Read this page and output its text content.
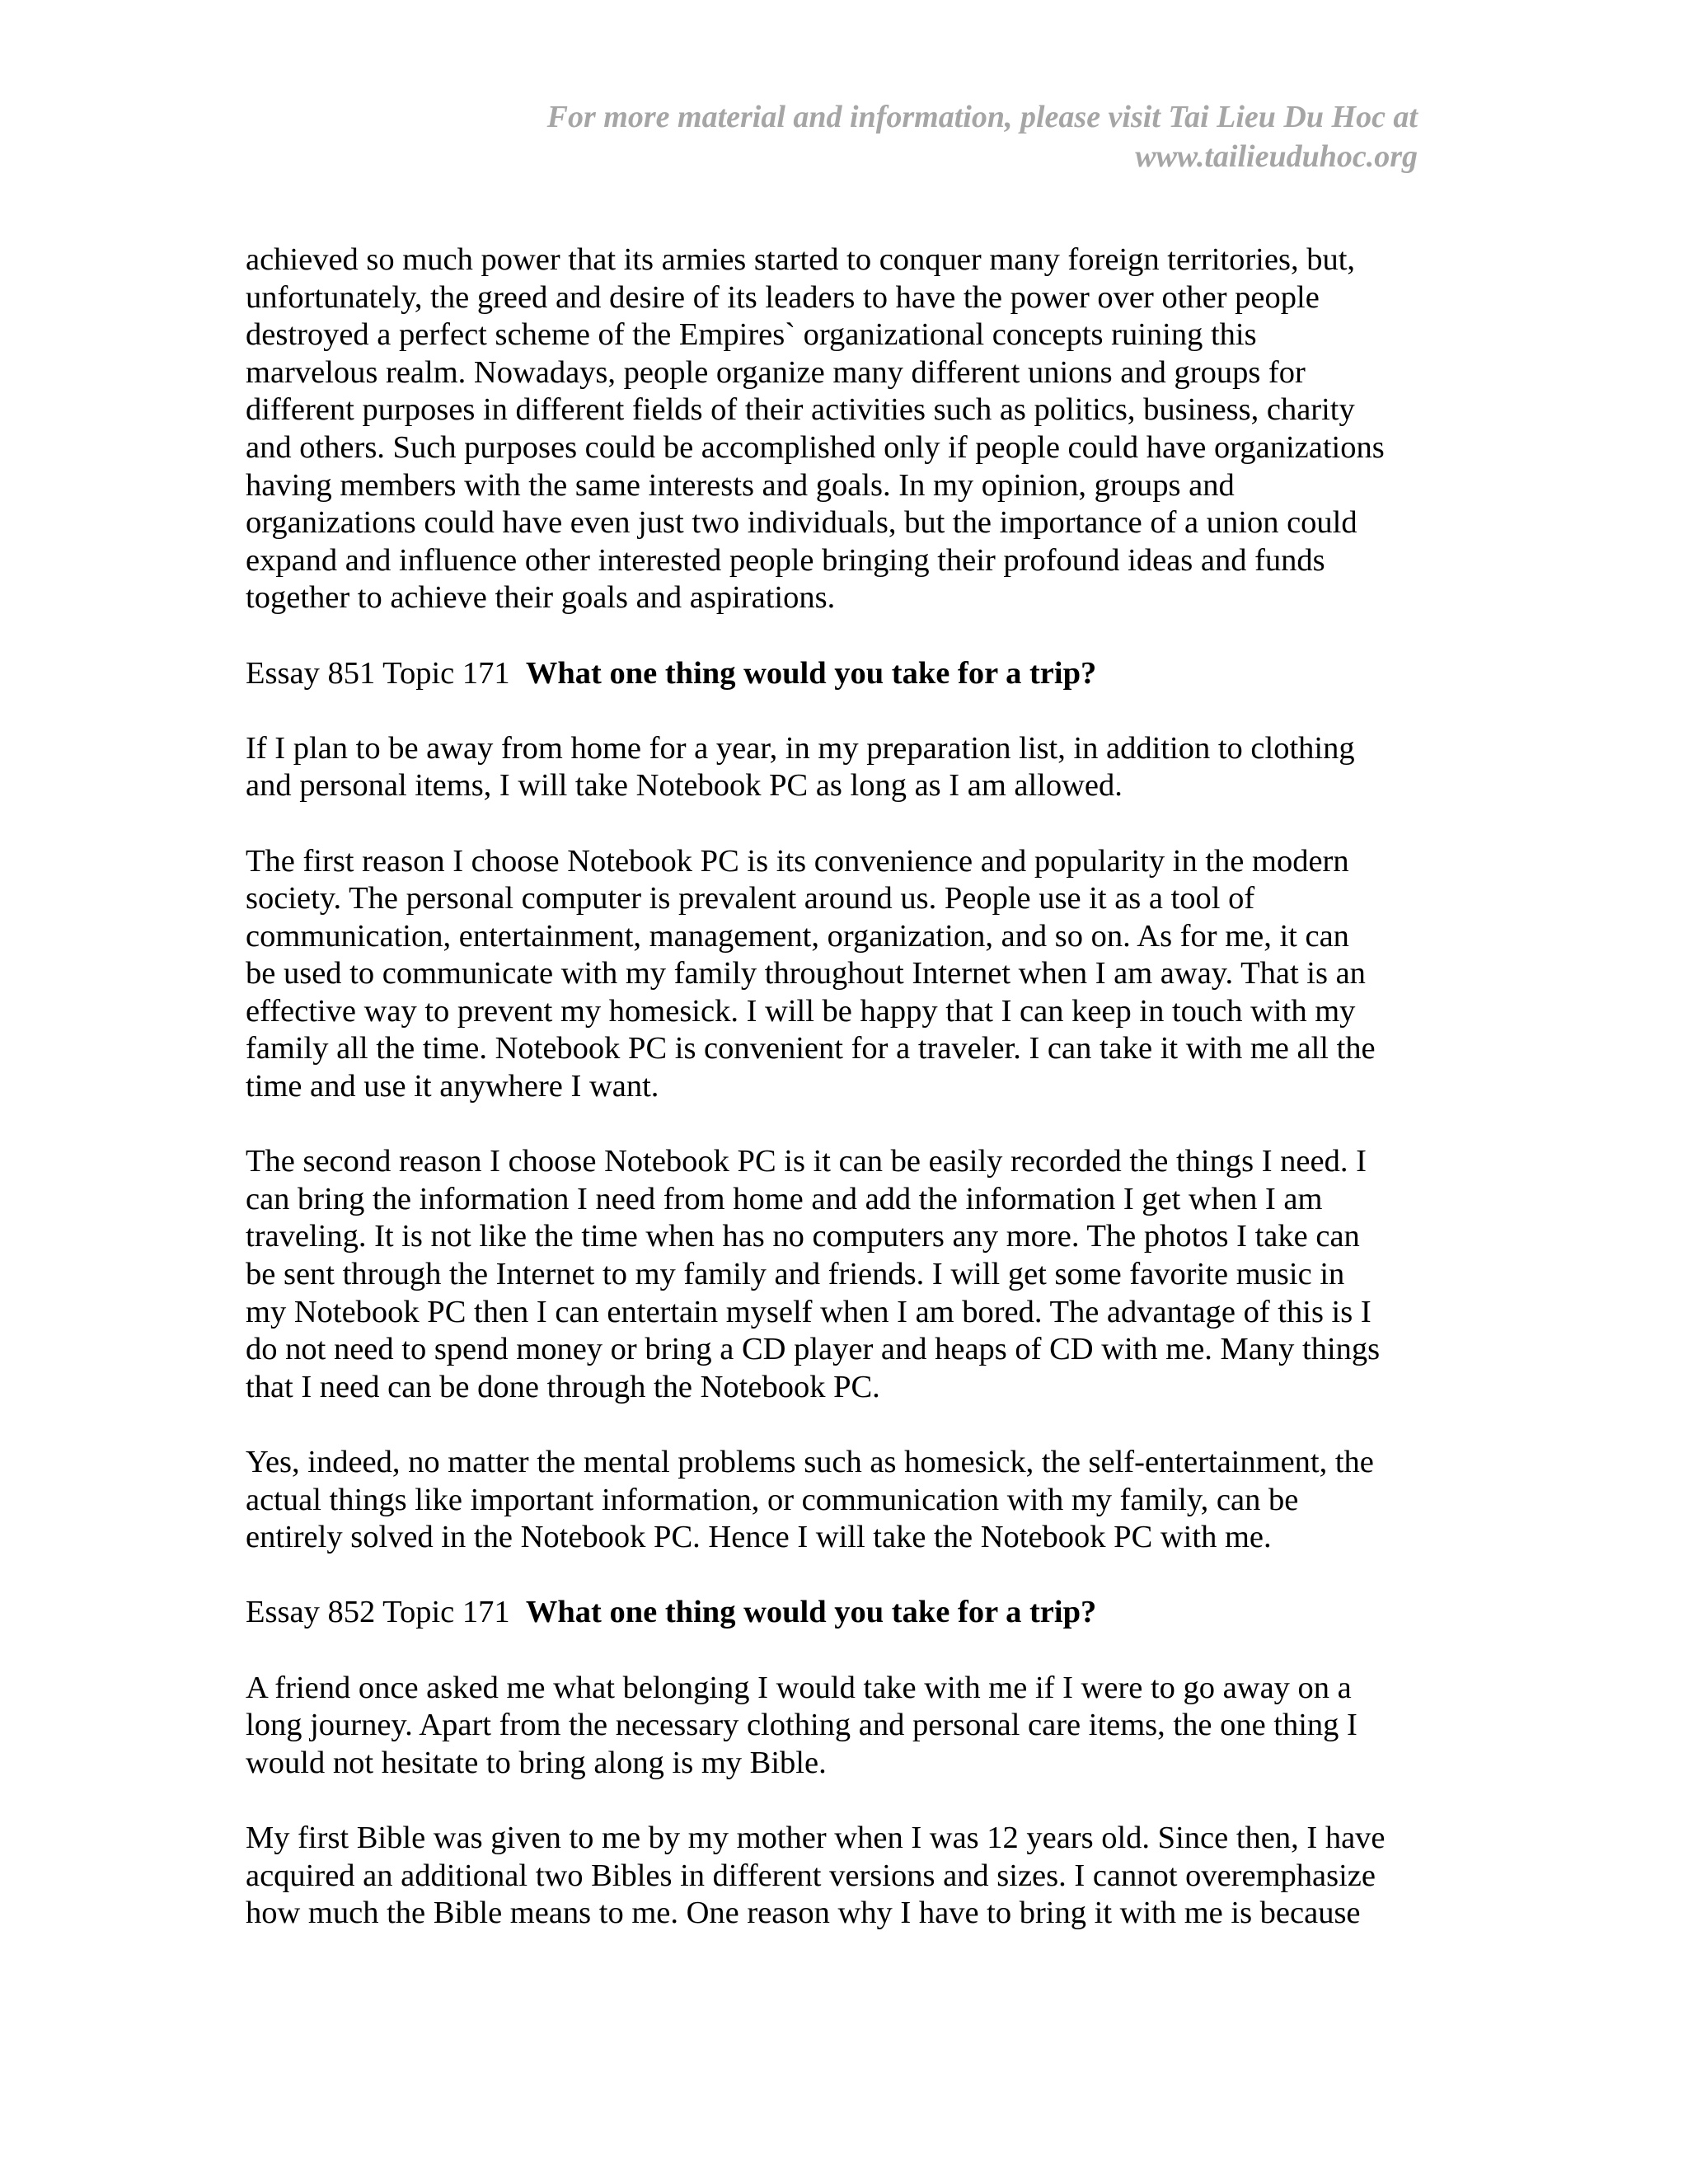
For more material and information, please visit Tai Lieu Du Hoc at
www.tailieuduhoc.org

achieved so much power that its armies started to conquer many foreign territories, but,
unfortunately, the greed and desire of its leaders to have the power over other people
destroyed a perfect scheme of the Empires` organizational concepts ruining this
marvelous realm. Nowadays, people organize many different unions and groups for
different purposes in different fields of their activities such as politics, business, charity
and others. Such purposes could be accomplished only if people could have organizations
having members with the same interests and goals. In my opinion, groups and
organizations could have even just two individuals, but the importance of a union could
expand and influence other interested people bringing their profound ideas and funds
together to achieve their goals and aspirations.

Essay 851 Topic 171 What one thing would you take for a trip?

If I plan to be away from home for a year, in my preparation list, in addition to clothing
and personal items, I will take Notebook PC as long as I am allowed.

The first reason I choose Notebook PC is its convenience and popularity in the modern
society. The personal computer is prevalent around us. People use it as a tool of
communication, entertainment, management, organization, and so on. As for me, it can
be used to communicate with my family throughout Internet when I am away. That is an
effective way to prevent my homesick. I will be happy that I can keep in touch with my
family all the time. Notebook PC is convenient for a traveler. I can take it with me all the
time and use it anywhere I want.

The second reason I choose Notebook PC is it can be easily recorded the things I need. I
can bring the information I need from home and add the information I get when I am
traveling. It is not like the time when has no computers any more. The photos I take can
be sent through the Internet to my family and friends. I will get some favorite music in
my Notebook PC then I can entertain myself when I am bored. The advantage of this is I
do not need to spend money or bring a CD player and heaps of CD with me. Many things
that I need can be done through the Notebook PC.

Yes, indeed, no matter the mental problems such as homesick, the self-entertainment, the
actual things like important information, or communication with my family, can be
entirely solved in the Notebook PC. Hence I will take the Notebook PC with me.

Essay 852 Topic 171 What one thing would you take for a trip?

A friend once asked me what belonging I would take with me if I were to go away on a
long journey. Apart from the necessary clothing and personal care items, the one thing I
would not hesitate to bring along is my Bible.

My first Bible was given to me by my mother when I was 12 years old. Since then, I have
acquired an additional two Bibles in different versions and sizes. I cannot overemphasize
how much the Bible means to me. One reason why I have to bring it with me is because
